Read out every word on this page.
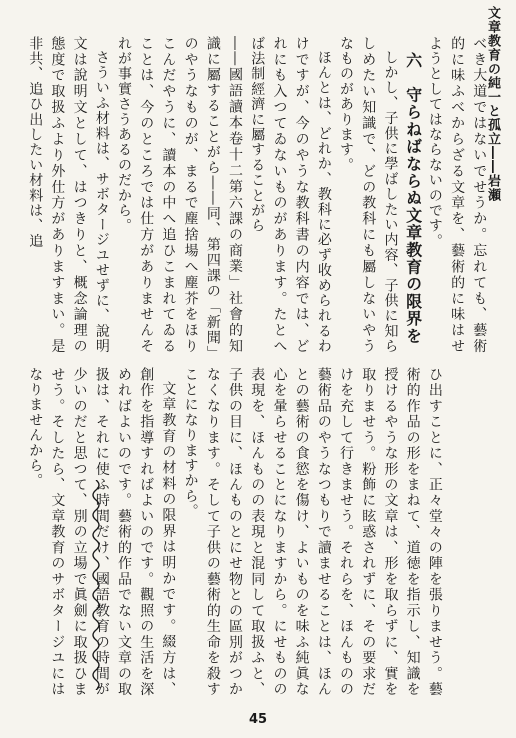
文章教育の純一と孤立――岩瀬

べき大道ではないでせうか。忘れても、藝術的に味ふべからざる文章を、藝術的に味はせようとしてはならないのです。

六　守らねばならぬ文章教育の限界を

しかし、子供に學ばしたい内容、子供に知らしめたい知識で、どの教科にも屬しないやうなものがあります。

ほんとは、どれか、教科に必ず收められるわけですが、今のやうな教科書の内容では、どれにも入つてゐないものがあります。たとへば法制經濟に屬することがら

――國語讀本卷十二第六課の商業」社會的知識に屬することがら――同、第四課の「新聞」のやうなものが、まるで塵捨場へ塵芥をほりこんだやうに、讀本の中へ追ひこまれてゐることは、今のところでは仕方がありませんそれが事實さうあるのだから。

さういふ材料は、サボタージユせずに、說明文は說明文として、はつきりと、概念論理の態度で取扱ふより外仕方がありますまい。是非共、追ひ出したい材料は、追

ひ出すことに、正々堂々の陣を張りませう。藝術的作品の形をまねて、道徳を指示し、知識を授けるやうな形の文章は、形を取らずに、實を取りませう。粉飾に眩惑されずに、その要求だけを充して行きませう。それらを、ほんものの藝術品のやうなつもりで讀ませることは、ほんとの藝術の食慾を傷け、よいものを味ふ純眞な心を暈らせることになりますから。にせものの表現を、ほんものの表現と混同して取扱ふと、子供の目に、ほんものとにせ物との區別がつかなくなります。そして子供の藝術的生命を殺すことになりますから。

文章教育の材料の限界は明かです。綴方は、創作を指導すればよいのです。觀照の生活を深めればよいのです。藝術的作品でない文章の取扱は、それに使ふ時間だけ、國語教育の時間が少いのだと思つて、別の立場で眞劍に取扱ひませう。そしたら、文章教育のサボタージユにはなりませんから。

45
